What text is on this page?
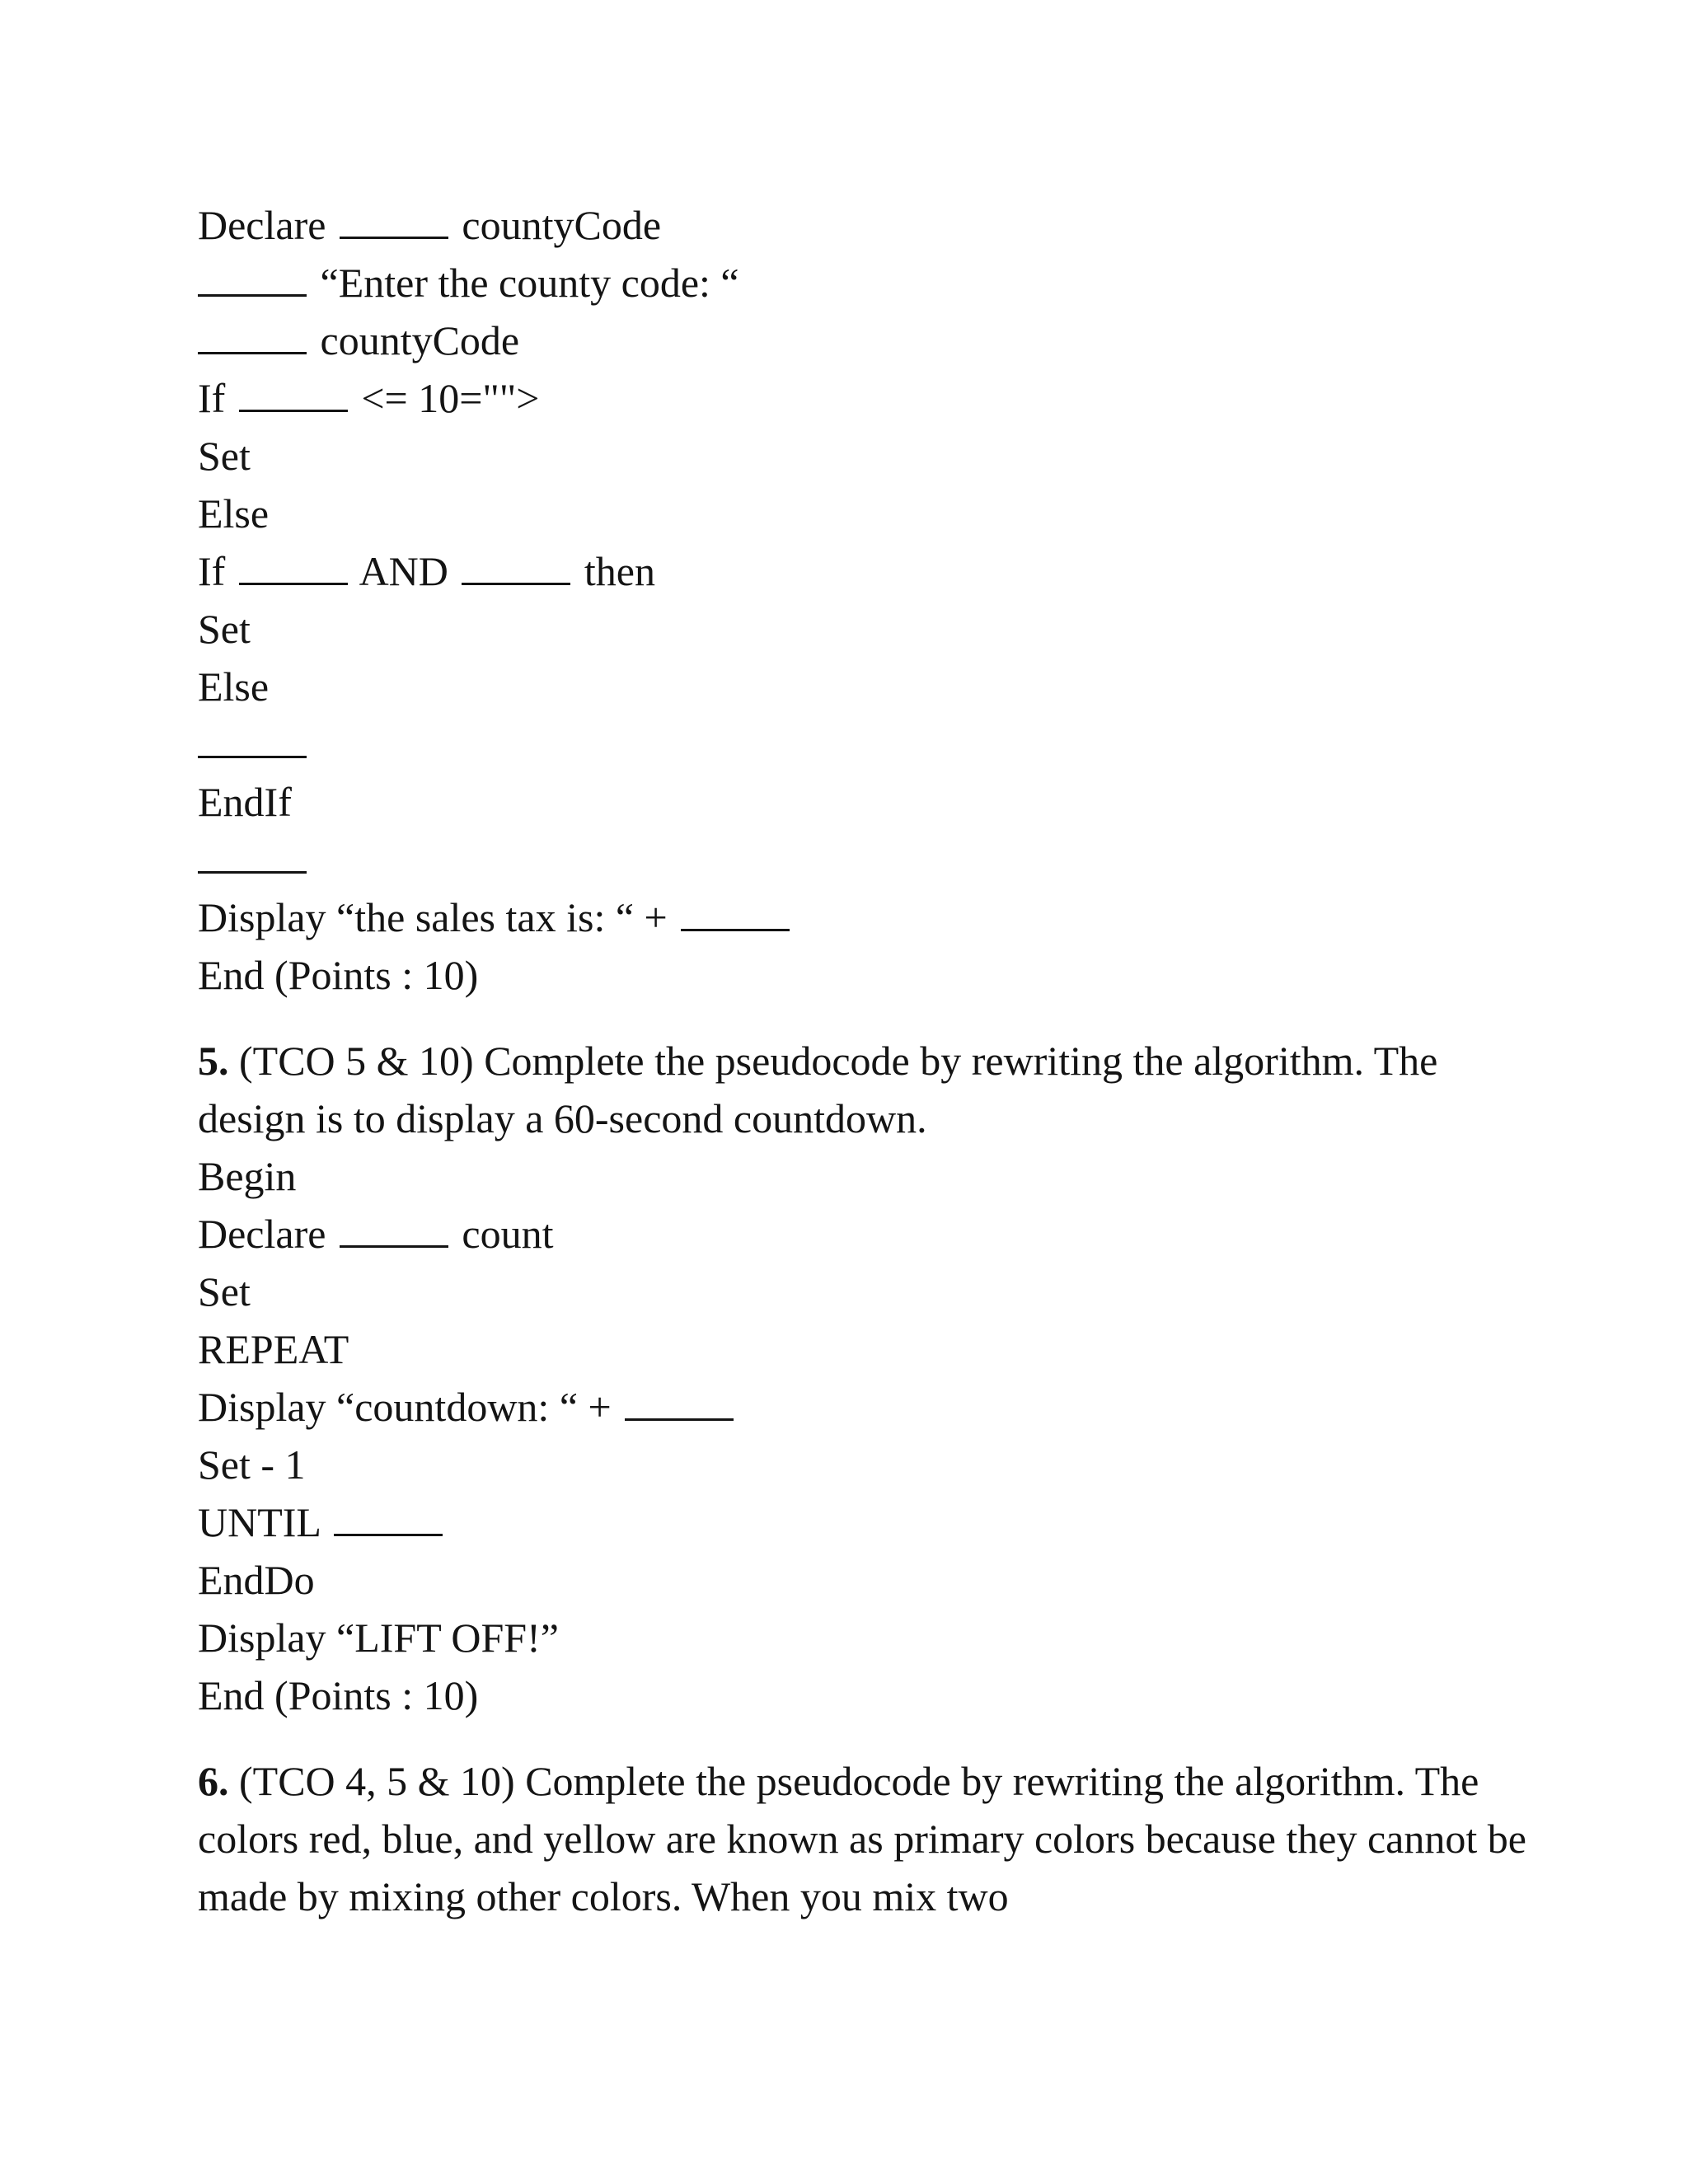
Declare	countyCode
“Enter the county code: “
countyCode
If	<= 10="">
Set
Else
If	AND	then
Set
Else
EndIf
Display “the sales tax is: “ +
End (Points : 10)
5. (TCO 5 & 10) Complete the pseudocode by rewriting the algorithm. The design is to display a 60-second countdown.
Begin
Declare	count
Set
REPEAT
Display “countdown: “ +
Set - 1
UNTIL
EndDo
Display “LIFT OFF!”
End (Points : 10)
6. (TCO 4, 5 & 10) Complete the pseudocode by rewriting the algorithm. The colors red, blue, and yellow are known as primary colors because they cannot be made by mixing other colors. When you mix two
